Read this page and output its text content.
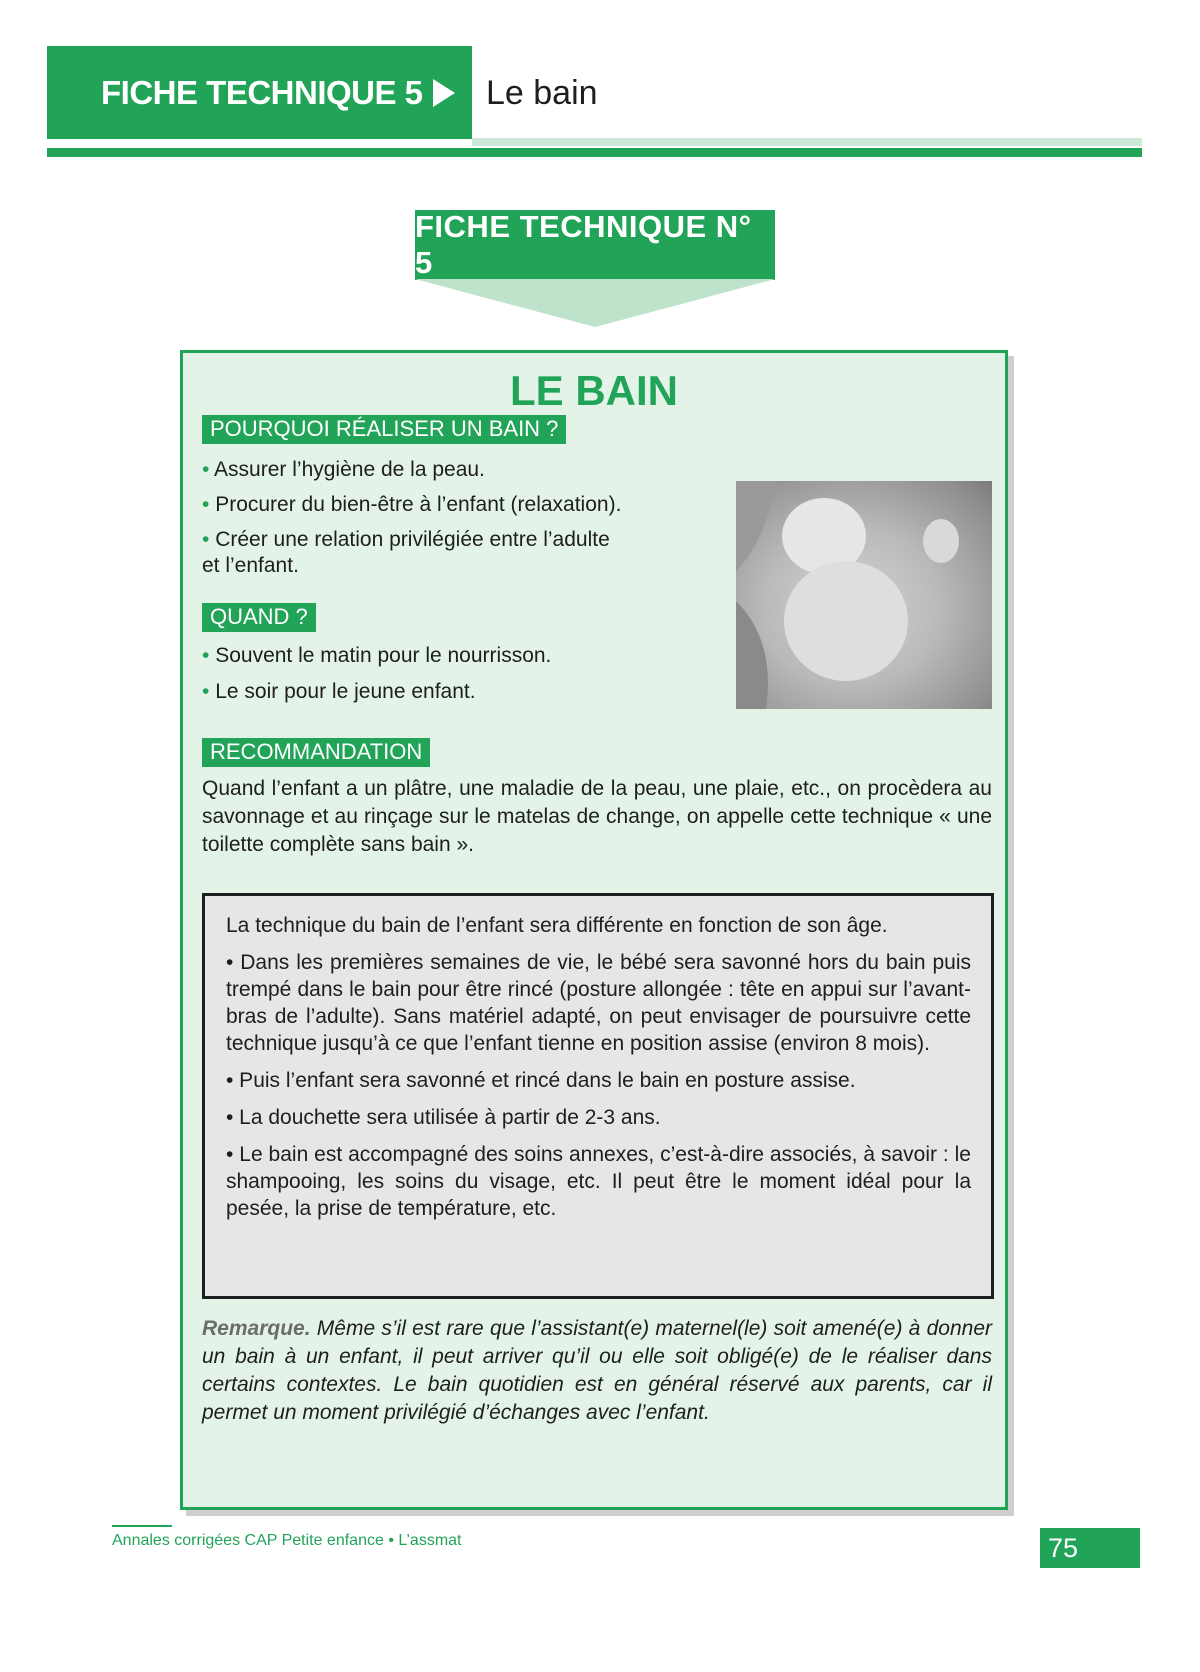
FICHE TECHNIQUE 5 Le bain
FICHE TECHNIQUE N° 5
LE BAIN
POURQUOI RÉALISER UN BAIN ?
• Assurer l’hygiène de la peau.
• Procurer du bien-être à l’enfant (relaxation).
• Créer une relation privilégiée entre l’adulte
et l’enfant.
QUAND ?
• Souvent le matin pour le nourrisson.
• Le soir pour le jeune enfant.
RECOMMANDATION
Quand l’enfant a un plâtre, une maladie de la peau, une plaie, etc., on procèdera au savonnage et au rinçage sur le matelas de change, on appelle cette technique « une toilette complète sans bain ».

La technique du bain de l’enfant sera différente en fonction de son âge.

• Dans les premières semaines de vie, le bébé sera savonné hors du bain puis trempé dans le bain pour être rincé (posture allongée : tête en appui sur l’avant-bras de l’adulte). Sans matériel adapté, on peut envisager de poursuivre cette technique jusqu’à ce que l’enfant tienne en position assise (environ 8 mois).

• Puis l’enfant sera savonné et rincé dans le bain en posture assise.

• La douchette sera utilisée à partir de 2-3 ans.

• Le bain est accompagné des soins annexes, c’est-à-dire associés, à savoir : le shampooing, les soins du visage, etc. Il peut être le moment idéal pour la pesée, la prise de température, etc.

Remarque. Même s’il est rare que l’assistant(e) maternel(le) soit amené(e) à donner un bain à un enfant, il peut arriver qu’il ou elle soit obligé(e) de le réaliser dans certains contextes. Le bain quotidien est en général réservé aux parents, car il permet un moment privilégié d’échanges avec l’enfant.
Annales corrigées CAP Petite enfance • L’assmat	75
